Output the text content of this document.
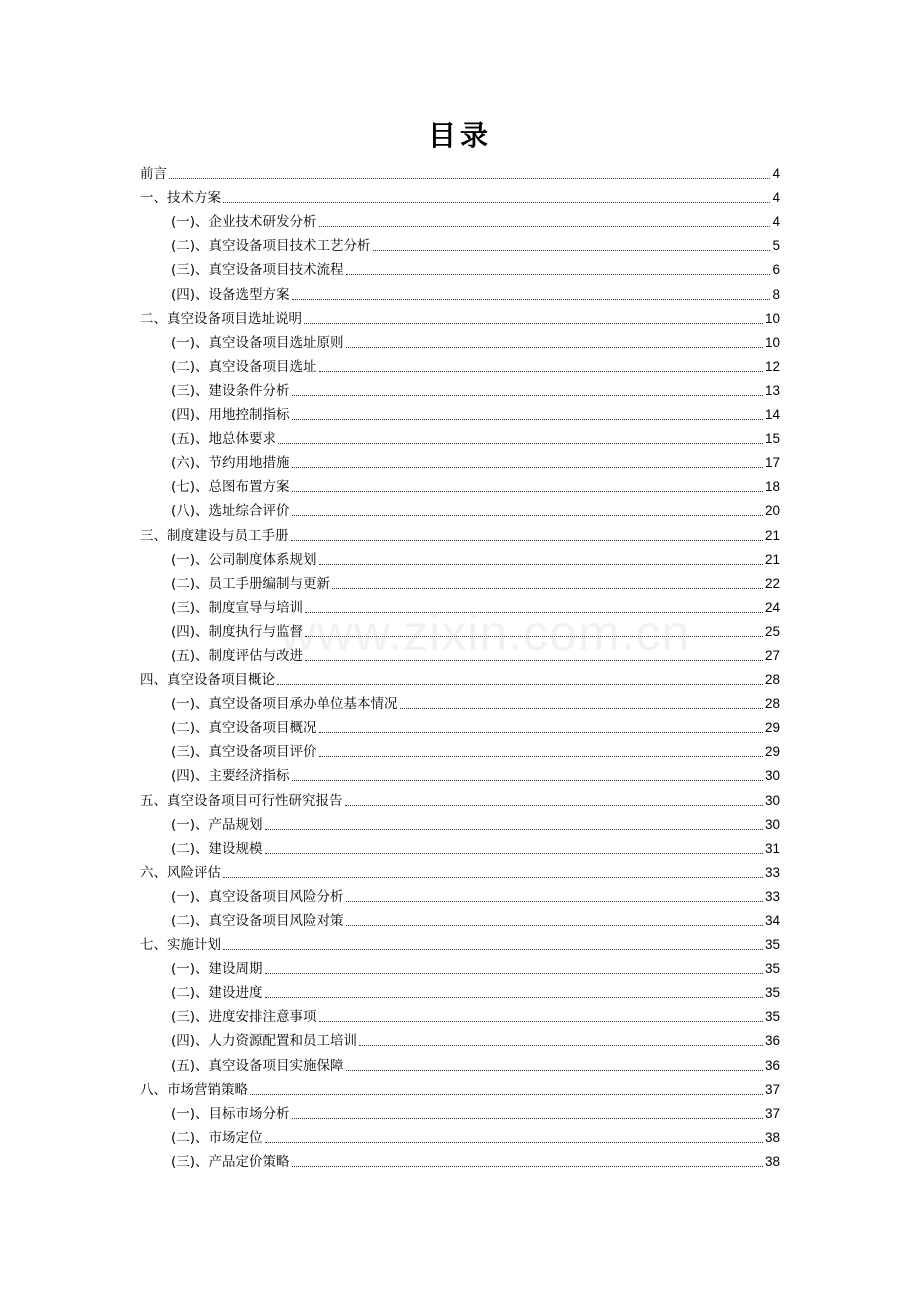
目录
前言	4
一、技术方案	4
(一)、企业技术研发分析	4
(二)、真空设备项目技术工艺分析	5
(三)、真空设备项目技术流程	6
(四)、设备选型方案	8
二、真空设备项目选址说明	10
(一)、真空设备项目选址原则	10
(二)、真空设备项目选址	12
(三)、建设条件分析	13
(四)、用地控制指标	14
(五)、地总体要求	15
(六)、节约用地措施	17
(七)、总图布置方案	18
(八)、选址综合评价	20
三、制度建设与员工手册	21
(一)、公司制度体系规划	21
(二)、员工手册编制与更新	22
(三)、制度宣导与培训	24
(四)、制度执行与监督	25
(五)、制度评估与改进	27
四、真空设备项目概论	28
(一)、真空设备项目承办单位基本情况	28
(二)、真空设备项目概况	29
(三)、真空设备项目评价	29
(四)、主要经济指标	30
五、真空设备项目可行性研究报告	30
(一)、产品规划	30
(二)、建设规模	31
六、风险评估	33
(一)、真空设备项目风险分析	33
(二)、真空设备项目风险对策	34
七、实施计划	35
(一)、建设周期	35
(二)、建设进度	35
(三)、进度安排注意事项	35
(四)、人力资源配置和员工培训	36
(五)、真空设备项目实施保障	36
八、市场营销策略	37
(一)、目标市场分析	37
(二)、市场定位	38
(三)、产品定价策略	38
www.zixin.com.cn
